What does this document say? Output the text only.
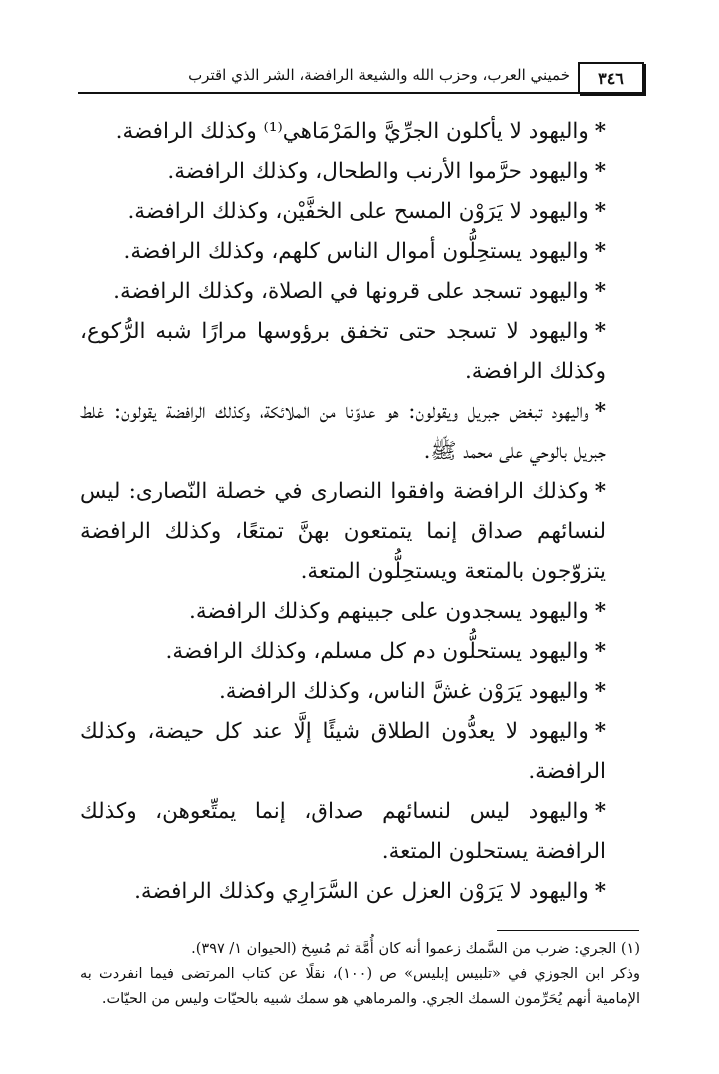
٣٤٦
خميني العرب، وحزب الله والشيعة الرافضة، الشر الذي اقترب

*واليهود لا يأكلون الجرِّيَّ والمَرْمَاهي⁽¹⁾ وكذلك الرافضة.

*واليهود حرَّموا الأرنب والطحال، وكذلك الرافضة.

*واليهود لا يَرَوْن المسح على الخفَّيْن، وكذلك الرافضة.

*واليهود يستحِلُّون أموال الناس كلهم، وكذلك الرافضة.

*واليهود تسجد على قرونها في الصلاة، وكذلك الرافضة.

*واليهود لا تسجد حتى تخفق برؤوسها مرارًا شبه الرُّكوع، وكذلك الرافضة.

*واليهود تبغض جبريل ويقولون: هو عدوّنا من الملائكة، وكذلك الرافضة يقولون: غلط جبريل بالوحي على محمد ﷺ.

*وكذلك الرافضة وافقوا النصارى في خصلة النّصارى: ليس لنسائهم صداق إنما يتمتعون بهنَّ تمتعًا، وكذلك الرافضة يتزوّجون بالمتعة ويستحِلُّون المتعة.

*واليهود يسجدون على جبينهم وكذلك الرافضة.

*واليهود يستحلُّون دم كل مسلم، وكذلك الرافضة.

*واليهود يَرَوْن غشَّ الناس، وكذلك الرافضة.

*واليهود لا يعدُّون الطلاق شيئًا إلَّا عند كل حيضة، وكذلك الرافضة.

*واليهود ليس لنسائهم صداق، إنما يمتِّعوهن، وكذلك الرافضة يستحلون المتعة.

*واليهود لا يَرَوْن العزل عن السَّرَارِي وكذلك الرافضة.

(١) الجري: ضرب من السَّمك زعموا أنه كان أُمَّة ثم مُسِخ (الحيوان ١/ ٣٩٧).

وذكر ابن الجوزي في «تلبيس إبليس» ص (١٠٠)، نقلًا عن كتاب المرتضى فيما انفردت به الإمامية أنهم يُحَرِّمون السمك الجري. والمرماهي هو سمك شبيه بالحيّات وليس من الحيّات.
